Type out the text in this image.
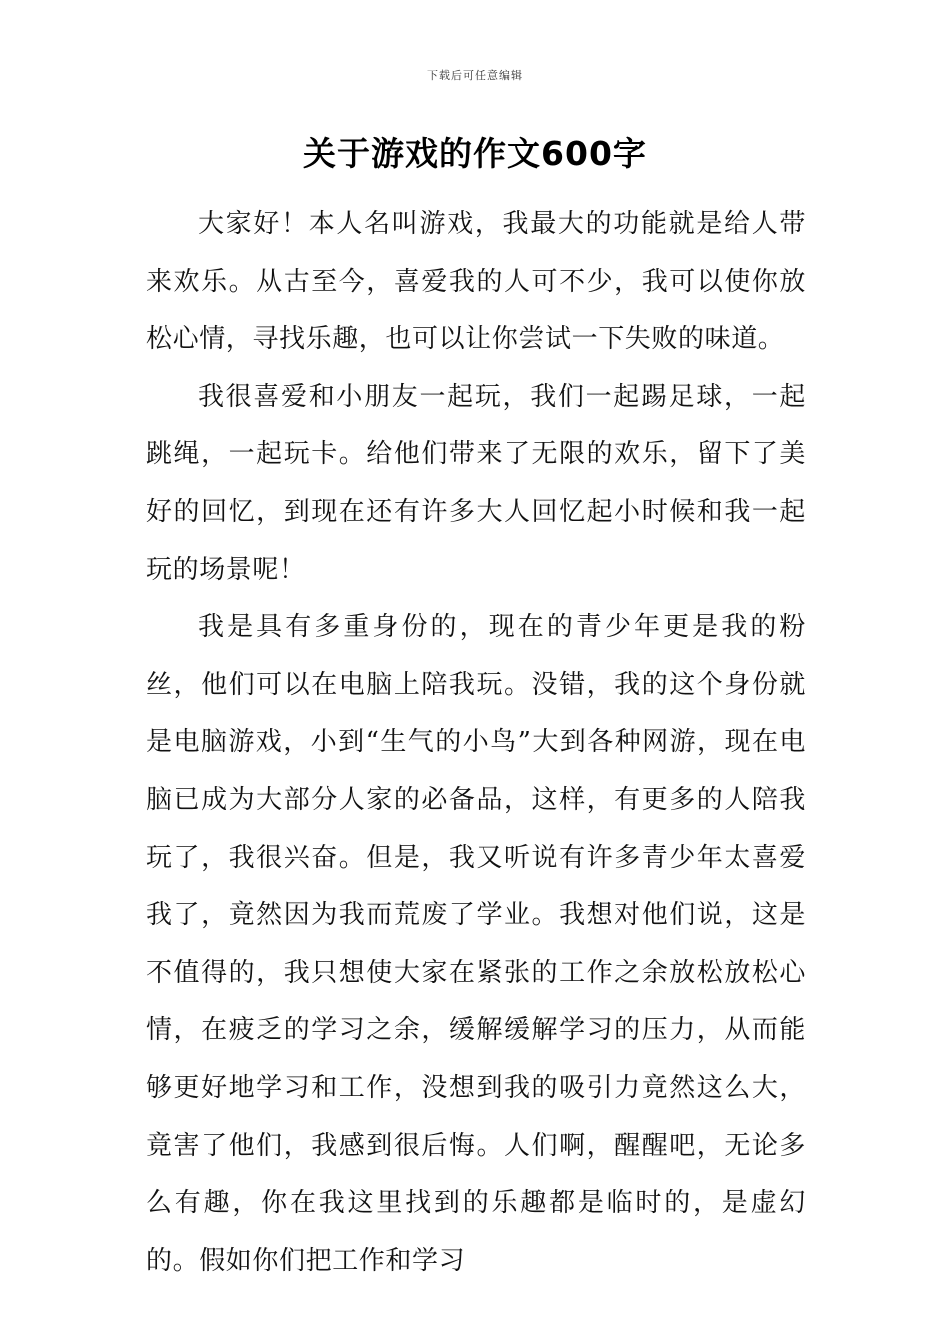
下载后可任意编辑
关于游戏的作文600字

大家好！本人名叫游戏，我最大的功能就是给人带来欢乐。从古至今，喜爱我的人可不少，我可以使你放松心情，寻找乐趣，也可以让你尝试一下失败的味道。

我很喜爱和小朋友一起玩，我们一起踢足球，一起跳绳，一起玩卡。给他们带来了无限的欢乐，留下了美好的回忆，到现在还有许多大人回忆起小时候和我一起玩的场景呢！

我是具有多重身份的，现在的青少年更是我的粉丝，他们可以在电脑上陪我玩。没错，我的这个身份就是电脑游戏，小到“生气的小鸟”大到各种网游，现在电脑已成为大部分人家的必备品，这样，有更多的人陪我玩了，我很兴奋。但是，我又听说有许多青少年太喜爱我了，竟然因为我而荒废了学业。我想对他们说，这是不值得的，我只想使大家在紧张的工作之余放松放松心情，在疲乏的学习之余，缓解缓解学习的压力，从而能够更好地学习和工作，没想到我的吸引力竟然这么大，竟害了他们，我感到很后悔。人们啊，醒醒吧，无论多么有趣，你在我这里找到的乐趣都是临时的，是虚幻的。假如你们把工作和学习
